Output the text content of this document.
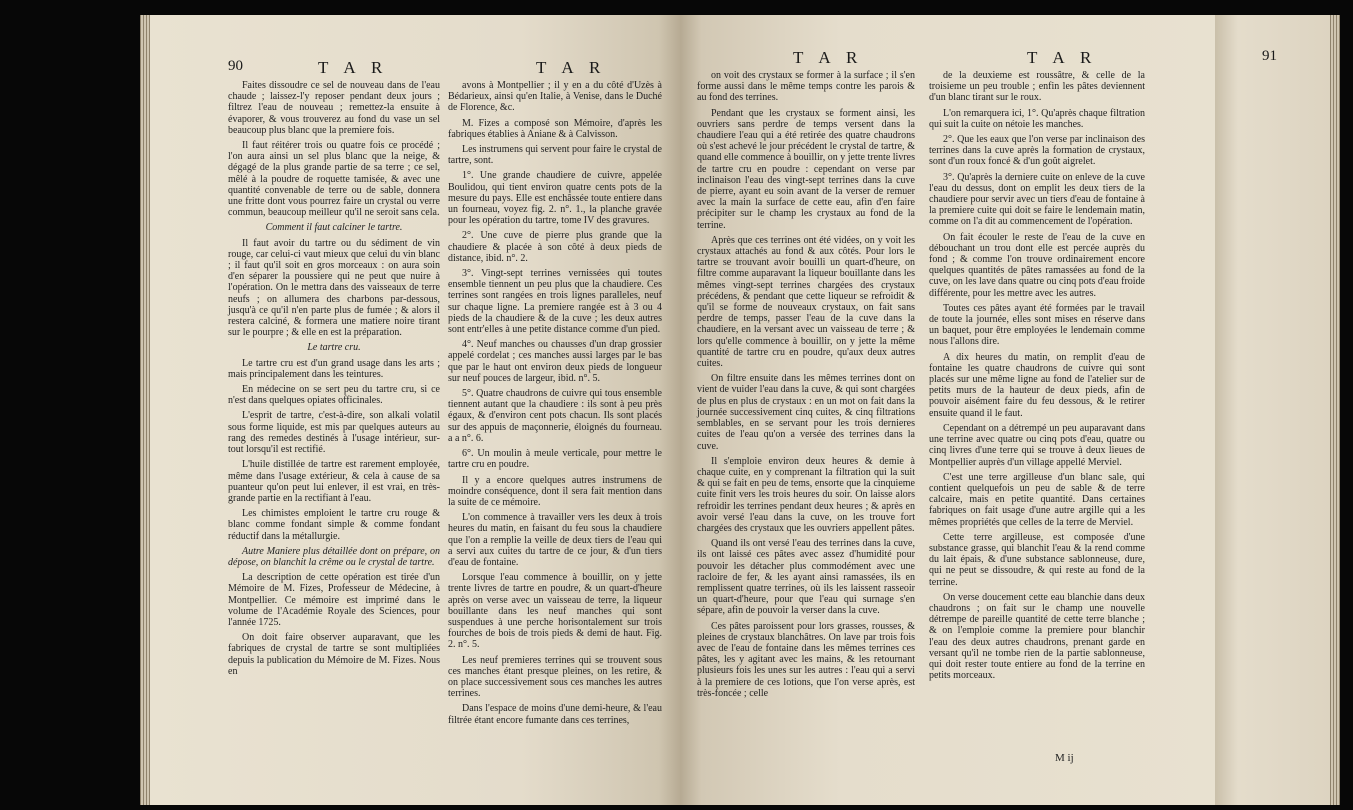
90	T A R	T A R

Faites dissoudre ce sel de nouveau dans de l'eau chaude ; laissez-l'y reposer pendant deux jours ; filtrez l'eau de nouveau ; remettez-la ensuite à évaporer, & vous trouverez au fond du vase un sel beaucoup plus blanc que la premiere fois.

Il faut réitérer trois ou quatre fois ce procédé ; l'on aura ainsi un sel plus blanc que la neige, & dégagé de la plus grande partie de sa terre ; ce sel, mêlé à la poudre de roquette tamisée, & avec une quantité convenable de terre ou de sable, donnera une fritte dont vous pourrez faire un crystal ou verre commun, beaucoup meilleur qu'il ne seroit sans cela.

Comment il faut calciner le tartre.

Il faut avoir du tartre ou du sédiment de vin rouge, car celui-ci vaut mieux que celui du vin blanc ; il faut qu'il soit en gros morceaux : on aura soin d'en séparer la poussiere qui ne peut que nuire à l'opération. On le mettra dans des vaisseaux de terre neufs ; on allumera des charbons par-dessous, jusqu'à ce qu'il n'en parte plus de fumée ; & alors il restera calciné, & formera une matiere noire tirant sur le pourpre ; & elle en est la préparation.

Le tartre cru.

Le tartre cru est d'un grand usage dans les arts ; mais principalement dans les teintures.

En médecine on se sert peu du tartre cru, si ce n'est dans quelques opiates officinales.

L'esprit de tartre, c'est-à-dire, son alkali volatil sous forme liquide, est mis par quelques auteurs au rang des remedes destinés à l'usage intérieur, sur-tout lorsqu'il est rectifié.

L'huile distillée de tartre est rarement employée, même dans l'usage extérieur, & cela à cause de sa puanteur qu'on peut lui enlever, il est vrai, en très-grande partie en la rectifiant à l'eau.

Les chimistes emploient le tartre cru rouge & blanc comme fondant simple & comme fondant réductif dans la métallurgie.

Autre Maniere plus détaillée dont on prépare, on dépose, on blanchit la crême ou le crystal de tartre.

La description de cette opération est tirée d'un Mémoire de M. Fizes, Professeur de Médecine, à Montpellier. Ce mémoire est imprimé dans le volume de l'Académie Royale des Sciences, pour l'année 1725.

On doit faire observer auparavant, que les fabriques de crystal de tartre se sont multipliées depuis la publication du Mémoire de M. Fizes. Nous en

avons à Montpellier ; il y en a du côté d'Uzès à Bédarieux, ainsi qu'en Italie, à Venise, dans le Duché de Florence, &c.

M. Fizes a composé son Mémoire, d'après les fabriques établies à Aniane & à Calvisson.

Les instrumens qui servent pour faire le crystal de tartre, sont.

1°. Une grande chaudiere de cuivre, appelée Boulidou, qui tient environ quatre cents pots de la mesure du pays. Elle est enchâssée toute entiere dans un fourneau, voyez fig. 2. n°. 1., la planche gravée pour les opération du tartre, tome IV des gravures.

2°. Une cuve de pierre plus grande que la chaudiere & placée à son côté à deux pieds de distance, ibid. n°. 2.

3°. Vingt-sept terrines vernissées qui toutes ensemble tiennent un peu plus que la chaudiere. Ces terrines sont rangées en trois lignes paralleles, neuf sur chaque ligne. La premiere rangée est à 3 ou 4 pieds de la chaudiere & de la cuve ; les deux autres sont entr'elles à une petite distance comme d'un pied.

4°. Neuf manches ou chausses d'un drap grossier appelé cordelat ; ces manches aussi larges par le bas que par le haut ont environ deux pieds de longueur sur neuf pouces de largeur, ibid. n°. 5.

5°. Quatre chaudrons de cuivre qui tous ensemble tiennent autant que la chaudiere : ils sont à peu près égaux, & d'environ cent pots chacun. Ils sont placés sur des appuis de maçonnerie, éloignés du fourneau. a a n°. 6.

6°. Un moulin à meule verticale, pour mettre le tartre cru en poudre.

Il y a encore quelques autres instrumens de moindre conséquence, dont il sera fait mention dans la suite de ce mémoire.

L'on commence à travailler vers les deux à trois heures du matin, en faisant du feu sous la chaudiere que l'on a remplie la veille de deux tiers de l'eau qui a servi aux cuites du tartre de ce jour, & d'un tiers d'eau de fontaine.

Lorsque l'eau commence à bouillir, on y jette trente livres de tartre en poudre, & un quart-d'heure après on verse avec un vaisseau de terre, la liqueur bouillante dans les neuf manches qui sont suspendues à une perche horisontalement sur trois fourches de bois de trois pieds & demi de haut. Fig. 2. n°. 5.

Les neuf premieres terrines qui se trouvent sous ces manches étant presque pleines, on les retire, & on place successivement sous ces manches les autres terrines.

Dans l'espace de moins d'une demi-heure, & l'eau filtrée étant encore fumante dans ces terrines,

T A R	T A R	91

on voit des crystaux se former à la surface ; il s'en forme aussi dans le même temps contre les parois & au fond des terrines.

Pendant que les crystaux se forment ainsi, les ouvriers sans perdre de temps versent dans la chaudiere l'eau qui a été retirée des quatre chaudrons où s'est achevé le jour précédent le crystal de tartre, & quand elle commence à bouillir, on y jette trente livres de tartre cru en poudre : cependant on verse par inclinaison l'eau des vingt-sept terrines dans la cuve de pierre, ayant eu soin avant de la verser de remuer avec la main la surface de cette eau, afin d'en faire précipiter sur le champ les crystaux au fond de la terrine.

Après que ces terrines ont été vidées, on y voit les crystaux attachés au fond & aux côtés. Pour lors le tartre se trouvant avoir bouilli un quart-d'heure, on filtre comme auparavant la liqueur bouillante dans les mêmes vingt-sept terrines chargées des crystaux précédens, & pendant que cette liqueur se refroidit & qu'il se forme de nouveaux crystaux, on fait sans perdre de temps, passer l'eau de la cuve dans la chaudiere, en la versant avec un vaisseau de terre ; & lors qu'elle commence à bouillir, on y jette la même quantité de tartre cru en poudre, qu'aux deux autres cuites.

On filtre ensuite dans les mêmes terrines dont on vient de vuider l'eau dans la cuve, & qui sont chargées de plus en plus de crystaux : en un mot on fait dans la journée successivement cinq cuites, & cinq filtrations semblables, en se servant pour les trois dernieres cuites de l'eau qu'on a versée des terrines dans la cuve.

Il s'emploie environ deux heures & demie à chaque cuite, en y comprenant la filtration qui la suit & qui se fait en peu de tems, ensorte que la cinquieme cuite finit vers les trois heures du soir. On laisse alors refroidir les terrines pendant deux heures ; & après en avoir versé l'eau dans la cuve, on les trouve fort chargées des crystaux que les ouvriers appellent pâtes.

Quand ils ont versé l'eau des terrines dans la cuve, ils ont laissé ces pâtes avec assez d'humidité pour pouvoir les détacher plus commodément avec une racloire de fer, & les ayant ainsi ramassées, ils en remplissent quatre terrines, où ils les laissent rasseoir un quart-d'heure, pour que l'eau qui surnage s'en sépare, afin de pouvoir la verser dans la cuve.

Ces pâtes paroissent pour lors grasses, rousses, & pleines de crystaux blanchâtres. On lave par trois fois avec de l'eau de fontaine dans les mêmes terrines ces pâtes, les y agitant avec les mains, & les retournant plusieurs fois les unes sur les autres : l'eau qui a servi à la premiere de ces lotions, que l'on verse après, est très-foncée ; celle

de la deuxieme est roussâtre, & celle de la troisieme un peu trouble ; enfin les pâtes deviennent d'un blanc tirant sur le roux.

L'on remarquera ici, 1°. Qu'après chaque filtration qui suit la cuite on nétoie les manches.

2°. Que les eaux que l'on verse par inclinaison des terrines dans la cuve après la formation de crystaux, sont d'un roux foncé & d'un goût aigrelet.

3°. Qu'après la derniere cuite on enleve de la cuve l'eau du dessus, dont on emplit les deux tiers de la chaudiere pour servir avec un tiers d'eau de fontaine à la premiere cuite qui doit se faire le lendemain matin, comme on l'a dit au commencement de l'opération.

On fait écouler le reste de l'eau de la cuve en débouchant un trou dont elle est percée auprès du fond ; & comme l'on trouve ordinairement encore quelques quantités de pâtes ramassées au fond de la cuve, on les lave dans quatre ou cinq pots d'eau froide différente, pour les mettre avec les autres.

Toutes ces pâtes ayant été formées par le travail de toute la journée, elles sont mises en réserve dans un baquet, pour être employées le lendemain comme nous l'allons dire.

A dix heures du matin, on remplit d'eau de fontaine les quatre chaudrons de cuivre qui sont placés sur une même ligne au fond de l'atelier sur de petits murs de la hauteur de deux pieds, afin de pouvoir aisément faire du feu dessous, & le retirer ensuite quand il le faut.

Cependant on a détrempé un peu auparavant dans une terrine avec quatre ou cinq pots d'eau, quatre ou cinq livres d'une terre qui se trouve à deux lieues de Montpellier auprès d'un village appellé Merviel.

C'est une terre argilleuse d'un blanc sale, qui contient quelquefois un peu de sable & de terre calcaire, mais en petite quantité. Dans certaines fabriques on fait usage d'une autre argille qui a les mêmes propriétés que celles de la terre de Merviel.

Cette terre argilleuse, est composée d'une substance grasse, qui blanchit l'eau & la rend comme du lait épais, & d'une substance sablonneuse, dure, qui ne peut se dissoudre, & qui reste au fond de la terrine.

On verse doucement cette eau blanchie dans deux chaudrons ; on fait sur le champ une nouvelle détrempe de pareille quantité de cette terre blanche ; & on l'emploie comme la premiere pour blanchir l'eau des deux autres chaudrons, prenant garde en versant qu'il ne tombe rien de la partie sablonneuse, qui doit rester toute entiere au fond de la terrine en petits morceaux.

M ij
